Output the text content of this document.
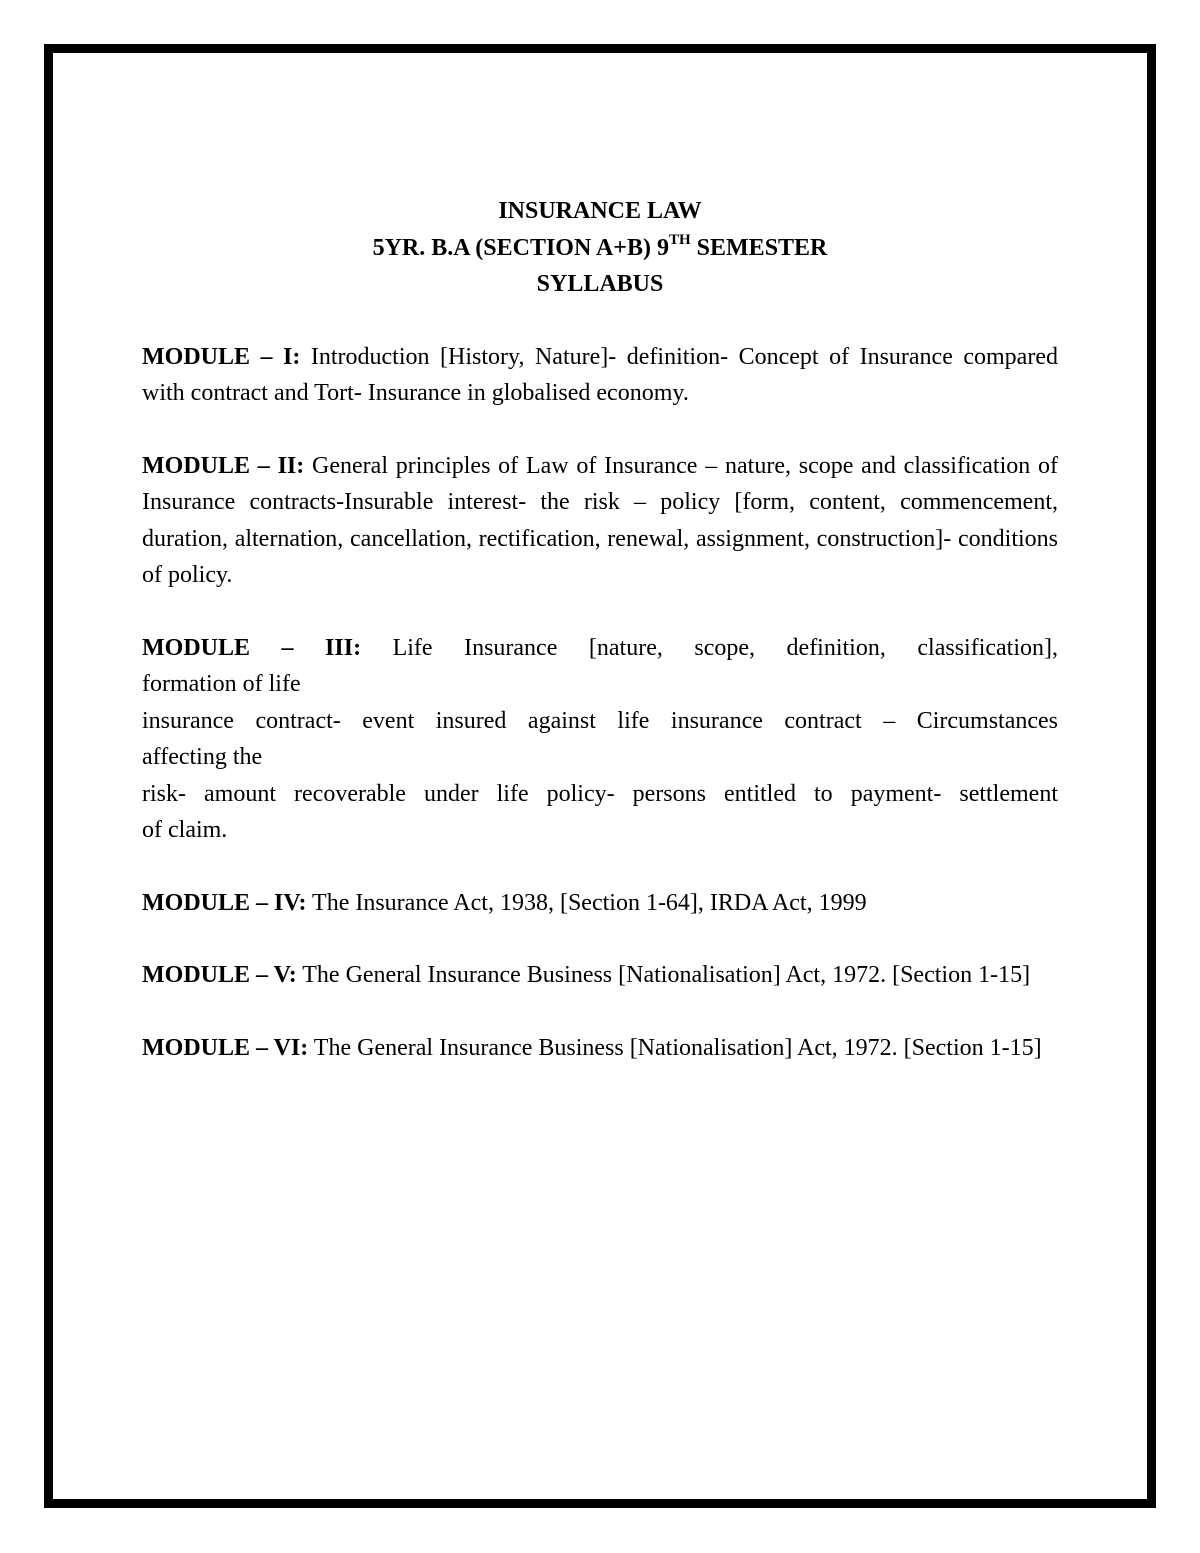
INSURANCE LAW
5YR. B.A (SECTION A+B) 9TH SEMESTER
SYLLABUS
MODULE – I: Introduction [History, Nature]- definition- Concept of Insurance compared with contract and Tort- Insurance in globalised economy.
MODULE – II: General principles of Law of Insurance – nature, scope and classification of Insurance contracts-Insurable interest- the risk – policy [form, content, commencement, duration, alternation, cancellation, rectification, renewal, assignment, construction]- conditions of policy.
MODULE – III: Life Insurance [nature, scope, definition, classification],
formation of life
insurance contract- event insured against life insurance contract – Circumstances
affecting the
risk- amount recoverable under life policy- persons entitled to payment- settlement
of claim.
MODULE – IV: The Insurance Act, 1938, [Section 1-64], IRDA Act, 1999
MODULE – V: The General Insurance Business [Nationalisation] Act, 1972. [Section 1-15]
MODULE – VI: The General Insurance Business [Nationalisation] Act, 1972. [Section 1-15]
